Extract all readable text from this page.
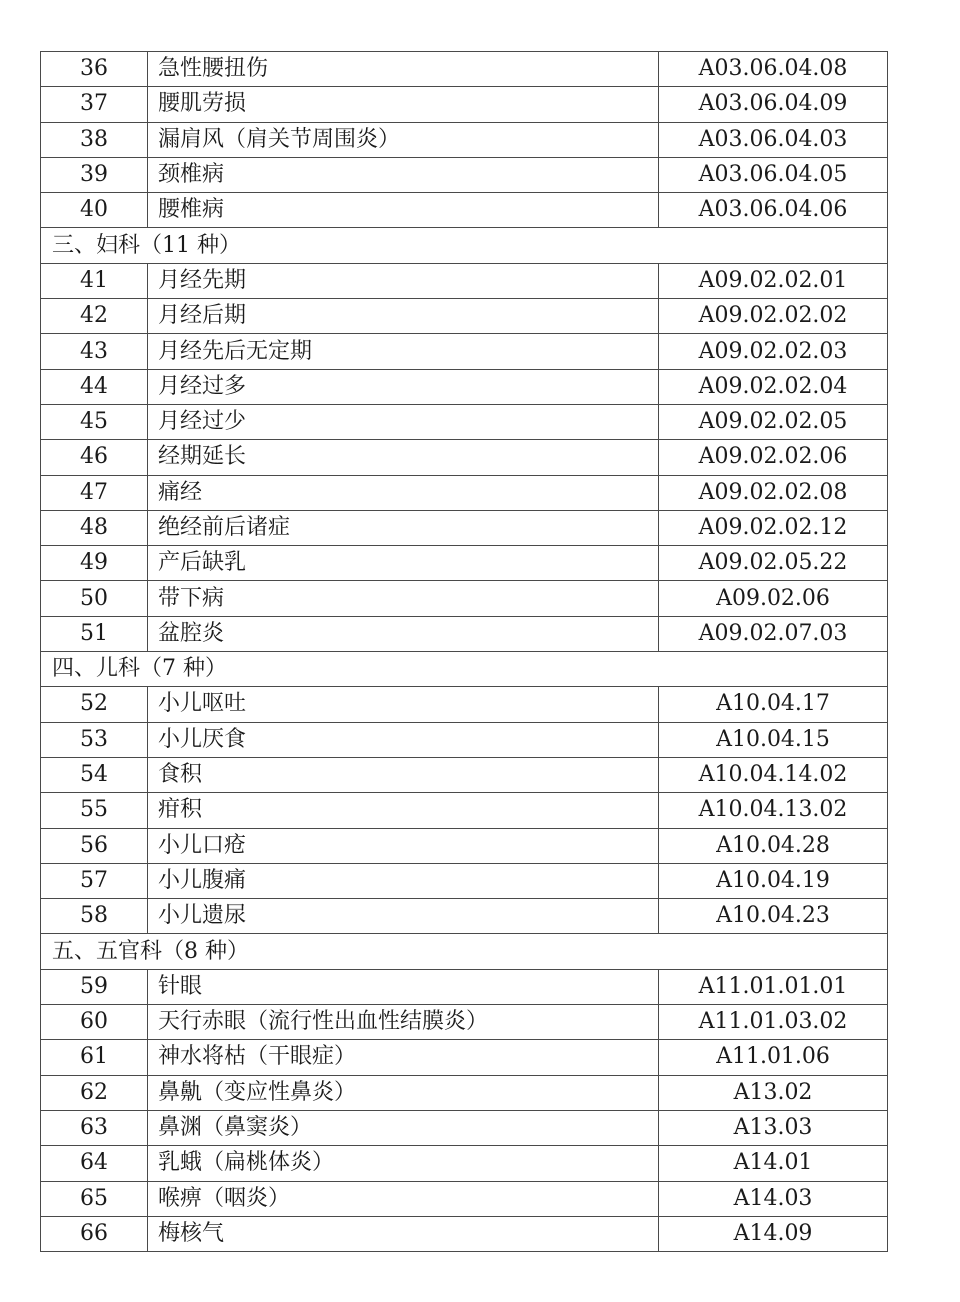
36	急性腰扭伤	A03.06.04.08
37	腰肌劳损	A03.06.04.09
38	漏肩风（肩关节周围炎）	A03.06.04.03
39	颈椎病	A03.06.04.05
40	腰椎病	A03.06.04.06
三、妇科（11 种）		
41	月经先期	A09.02.02.01
42	月经后期	A09.02.02.02
43	月经先后无定期	A09.02.02.03
44	月经过多	A09.02.02.04
45	月经过少	A09.02.02.05
46	经期延长	A09.02.02.06
47	痛经	A09.02.02.08
48	绝经前后诸症	A09.02.02.12
49	产后缺乳	A09.02.05.22
50	带下病	A09.02.06
51	盆腔炎	A09.02.07.03
四、儿科（7 种）		
52	小儿呕吐	A10.04.17
53	小儿厌食	A10.04.15
54	食积	A10.04.14.02
55	疳积	A10.04.13.02
56	小儿口疮	A10.04.28
57	小儿腹痛	A10.04.19
58	小儿遗尿	A10.04.23
五、五官科（8 种）		
59	针眼	A11.01.01.01
60	天行赤眼（流行性出血性结膜炎）	A11.01.03.02
61	神水将枯（干眼症）	A11.01.06
62	鼻鼽（变应性鼻炎）	A13.02
63	鼻渊（鼻窦炎）	A13.03
64	乳蛾（扁桃体炎）	A14.01
65	喉痹（咽炎）	A14.03
66	梅核气	A14.09
